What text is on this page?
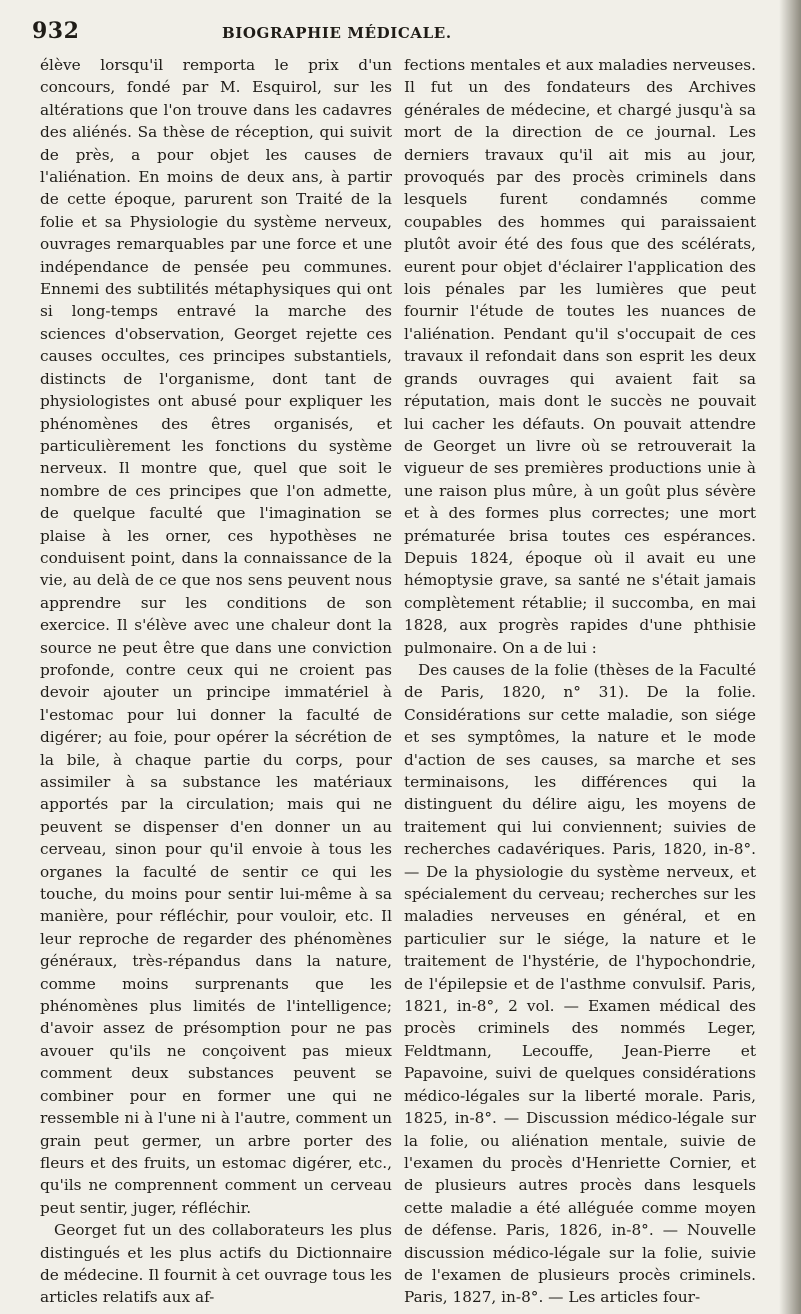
932	BIOGRAPHIE MÉDICALE.

élève lorsqu'il remporta le prix d'un concours, fondé par M. Esquirol, sur les altérations que l'on trouve dans les cadavres des aliénés. Sa thèse de réception, qui suivit de près, a pour objet les causes de l'aliénation. En moins de deux ans, à partir de cette époque, parurent son Traité de la folie et sa Physiologie du système nerveux, ouvrages remarquables par une force et une indépendance de pensée peu communes. Ennemi des subtilités métaphysiques qui ont si long-temps entravé la marche des sciences d'observation, Georget rejette ces causes occultes, ces principes substantiels, distincts de l'organisme, dont tant de physiologistes ont abusé pour expliquer les phénomènes des êtres organisés, et particulièrement les fonctions du système nerveux. Il montre que, quel que soit le nombre de ces principes que l'on admette, de quelque faculté que l'imagination se plaise à les orner, ces hypothèses ne conduisent point, dans la connaissance de la vie, au delà de ce que nos sens peuvent nous apprendre sur les conditions de son exercice. Il s'élève avec une chaleur dont la source ne peut être que dans une conviction profonde, contre ceux qui ne croient pas devoir ajouter un principe immatériel à l'estomac pour lui donner la faculté de digérer; au foie, pour opérer la sécrétion de la bile, à chaque partie du corps, pour assimiler à sa substance les matériaux apportés par la circulation; mais qui ne peuvent se dispenser d'en donner un au cerveau, sinon pour qu'il envoie à tous les organes la faculté de sentir ce qui les touche, du moins pour sentir lui-même à sa manière, pour réfléchir, pour vouloir, etc. Il leur reproche de regarder des phénomènes généraux, très-répandus dans la nature, comme moins surprenants que les phénomènes plus limités de l'intelligence; d'avoir assez de présomption pour ne pas avouer qu'ils ne conçoivent pas mieux comment deux substances peuvent se combiner pour en former une qui ne ressemble ni à l'une ni à l'autre, comment un grain peut germer, un arbre porter des fleurs et des fruits, un estomac digérer, etc., qu'ils ne comprennent comment un cerveau peut sentir, juger, réfléchir.

Georget fut un des collaborateurs les plus distingués et les plus actifs du Dictionnaire de médecine. Il fournit à cet ouvrage tous les articles relatifs aux af-

fections mentales et aux maladies nerveuses. Il fut un des fondateurs des Archives générales de médecine, et chargé jusqu'à sa mort de la direction de ce journal. Les derniers travaux qu'il ait mis au jour, provoqués par des procès criminels dans lesquels furent condamnés comme coupables des hommes qui paraissaient plutôt avoir été des fous que des scélérats, eurent pour objet d'éclairer l'application des lois pénales par les lumières que peut fournir l'étude de toutes les nuances de l'aliénation. Pendant qu'il s'occupait de ces travaux il refondait dans son esprit les deux grands ouvrages qui avaient fait sa réputation, mais dont le succès ne pouvait lui cacher les défauts. On pouvait attendre de Georget un livre où se retrouverait la vigueur de ses premières productions unie à une raison plus mûre, à un goût plus sévère et à des formes plus correctes; une mort prématurée brisa toutes ces espérances. Depuis 1824, époque où il avait eu une hémoptysie grave, sa santé ne s'était jamais complètement rétablie; il succomba, en mai 1828, aux progrès rapides d'une phthisie pulmonaire. On a de lui :

Des causes de la folie (thèses de la Faculté de Paris, 1820, n° 31). De la folie. Considérations sur cette maladie, son siége et ses symptômes, la nature et le mode d'action de ses causes, sa marche et ses terminaisons, les différences qui la distinguent du délire aigu, les moyens de traitement qui lui conviennent; suivies de recherches cadavériques. Paris, 1820, in-8°. — De la physiologie du système nerveux, et spécialement du cerveau; recherches sur les maladies nerveuses en général, et en particulier sur le siége, la nature et le traitement de l'hystérie, de l'hypochondrie, de l'épilepsie et de l'asthme convulsif. Paris, 1821, in-8°, 2 vol. — Examen médical des procès criminels des nommés Leger, Feldtmann, Lecouffe, Jean-Pierre et Papavoine, suivi de quelques considérations médico-légales sur la liberté morale. Paris, 1825, in-8°. — Discussion médico-légale sur la folie, ou aliénation mentale, suivie de l'examen du procès d'Henriette Cornier, et de plusieurs autres procès dans lesquels cette maladie a été alléguée comme moyen de défense. Paris, 1826, in-8°. — Nouvelle discussion médico-légale sur la folie, suivie de l'examen de plusieurs procès criminels. Paris, 1827, in-8°. — Les articles four-
